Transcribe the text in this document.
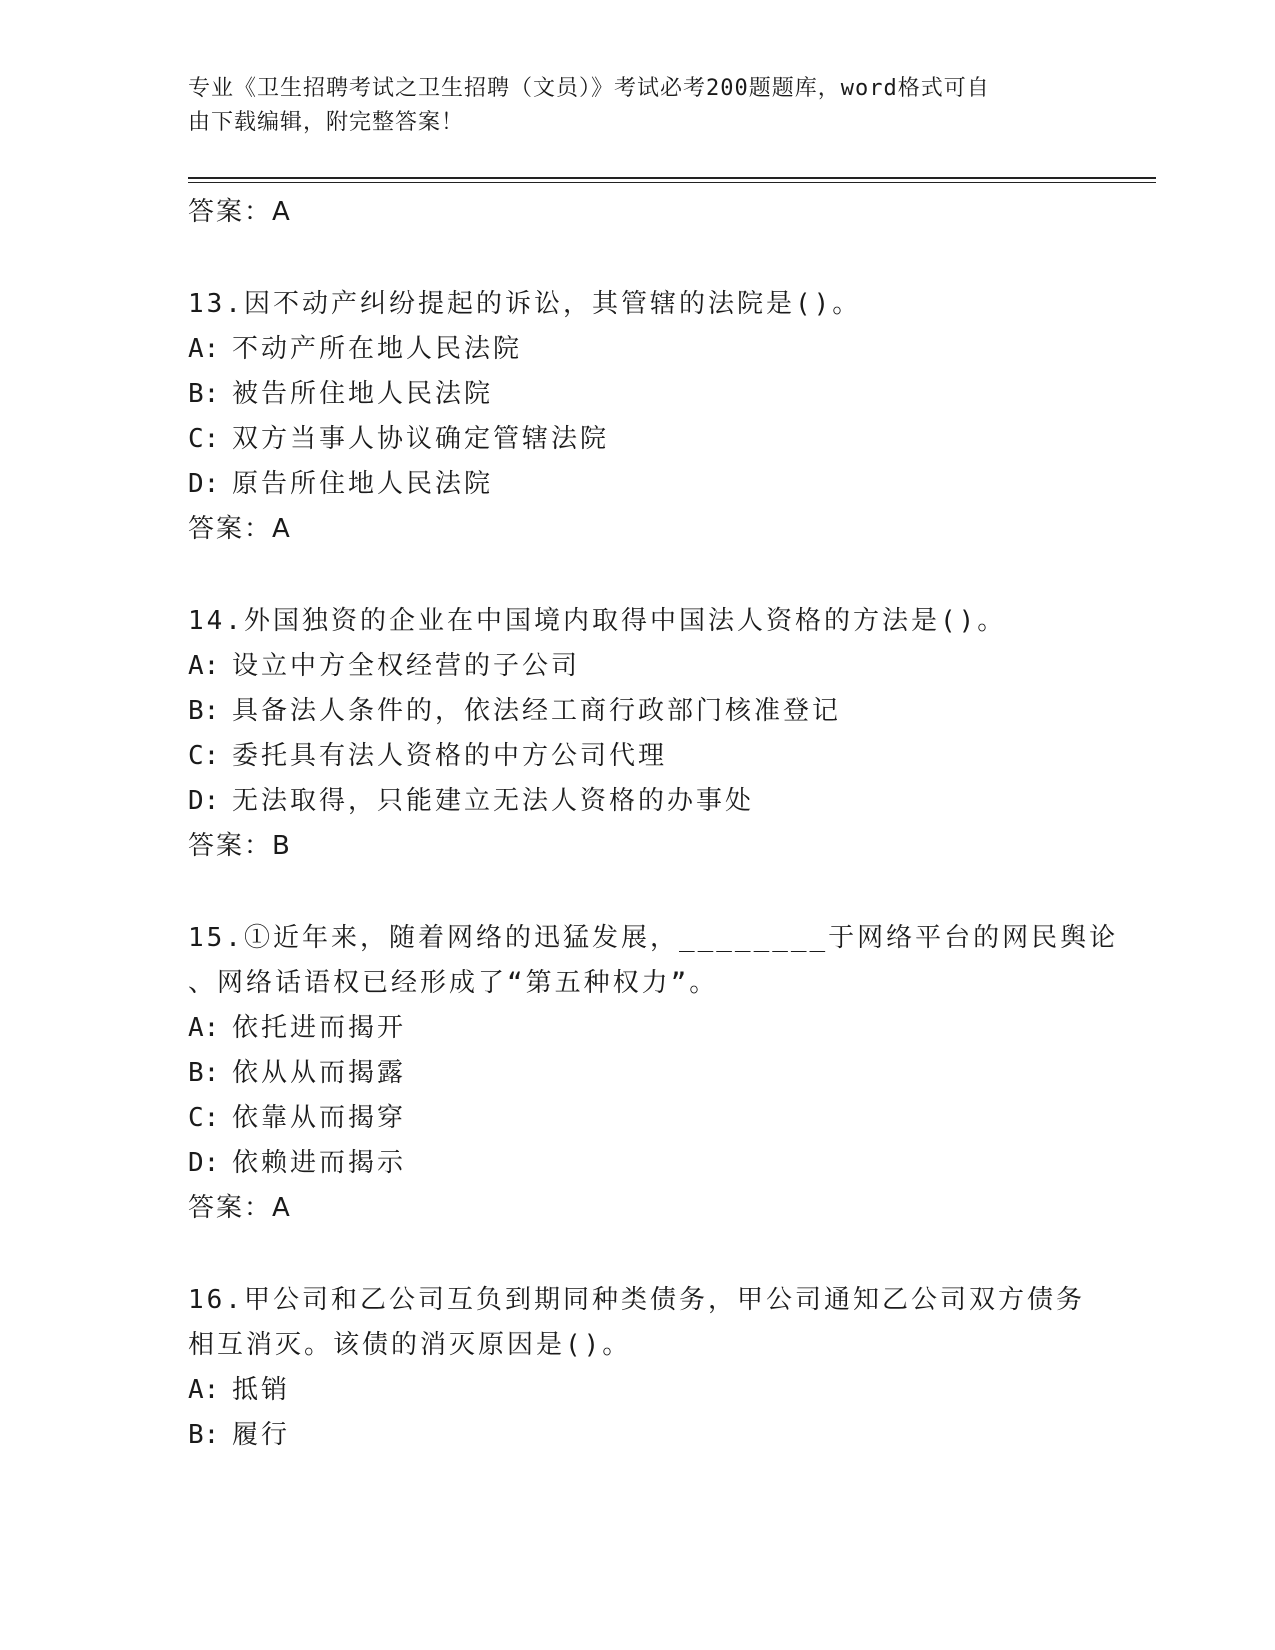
专业《卫生招聘考试之卫生招聘（文员）》考试必考200题题库，word格式可自
由下载编辑，附完整答案！
答案：A
13.因不动产纠纷提起的诉讼，其管辖的法院是()。
A: 不动产所在地人民法院
B: 被告所住地人民法院
C: 双方当事人协议确定管辖法院
D: 原告所住地人民法院
答案：A
14.外国独资的企业在中国境内取得中国法人资格的方法是()。
A: 设立中方全权经营的子公司
B: 具备法人条件的，依法经工商行政部门核准登记
C: 委托具有法人资格的中方公司代理
D: 无法取得，只能建立无法人资格的办事处
答案：B
15.①近年来，随着网络的迅猛发展，________于网络平台的网民舆论
、网络话语权已经形成了“第五种权力”。
A: 依托进而揭开
B: 依从从而揭露
C: 依靠从而揭穿
D: 依赖进而揭示
答案：A
16.甲公司和乙公司互负到期同种类债务，甲公司通知乙公司双方债务
相互消灭。该债的消灭原因是()。
A: 抵销
B: 履行
